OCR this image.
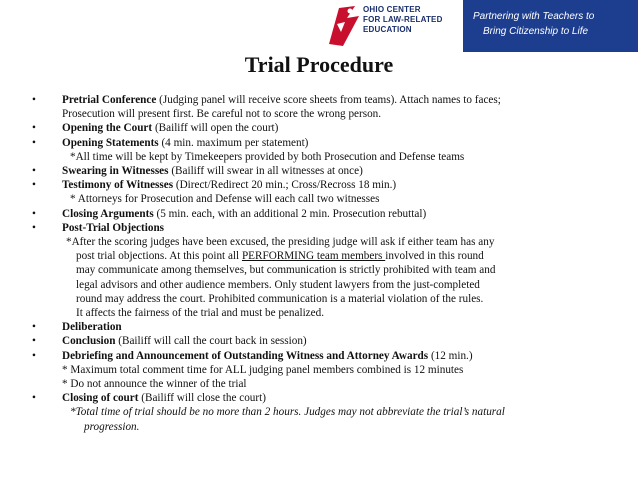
OHIO CENTER
FOR LAW-RELATED
EDUCATION
Partnering with Teachers to
Bring Citizenship to Life
Trial Procedure
• Pretrial Conference (Judging panel will receive score sheets from teams). Attach names to faces;
Prosecution will present first. Be careful not to score the wrong person.
• Opening the Court (Bailiff will open the court)
• Opening Statements (4 min. maximum per statement)
*All time will be kept by Timekeepers provided by both Prosecution and Defense teams
• Swearing in Witnesses (Bailiff will swear in all witnesses at once)
• Testimony of Witnesses (Direct/Redirect 20 min.; Cross/Recross 18 min.)
* Attorneys for Prosecution and Defense will each call two witnesses
• Closing Arguments (5 min. each, with an additional 2 min. Prosecution rebuttal)
• Post-Trial Objections
*After the scoring judges have been excused, the presiding judge will ask if either team has any
post trial objections. At this point all PERFORMING team members involved in this round
may communicate among themselves, but communication is strictly prohibited with team and
legal advisors and other audience members. Only student lawyers from the just-completed
round may address the court. Prohibited communication is a material violation of the rules.
It affects the fairness of the trial and must be penalized.
• Deliberation
• Conclusion (Bailiff will call the court back in session)
• Debriefing and Announcement of Outstanding Witness and Attorney Awards (12 min.)
* Maximum total comment time for ALL judging panel members combined is 12 minutes
* Do not announce the winner of the trial
• Closing of court (Bailiff will close the court)
*Total time of trial should be no more than 2 hours. Judges may not abbreviate the trial’s natural
progression.
